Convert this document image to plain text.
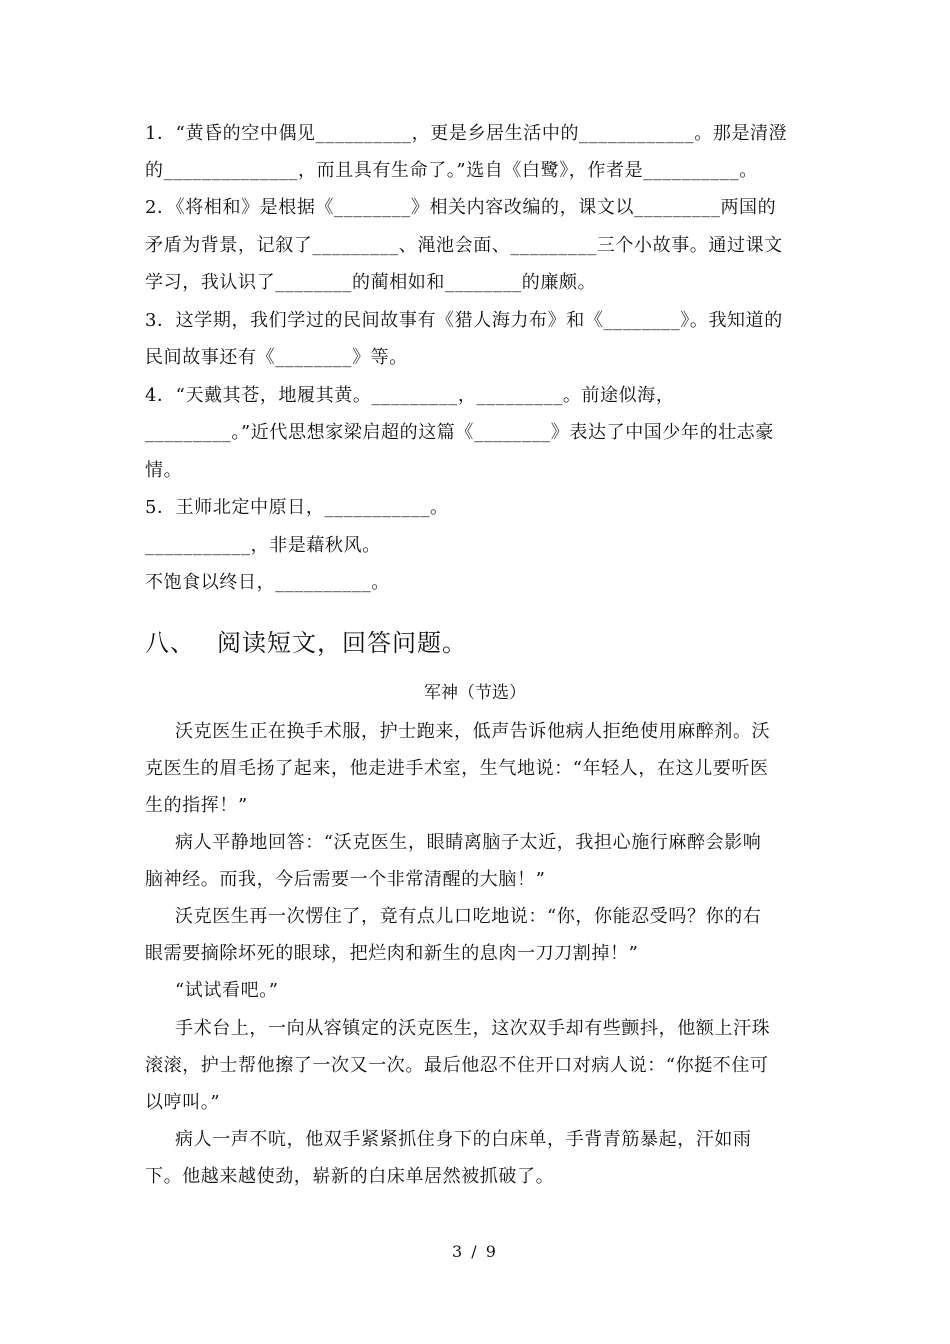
1．“黄昏的空中偶见__________，更是乡居生活中的____________。那是清澄
的______________，而且具有生命了。”选自《白鹭》，作者是__________。
2．《将相和》是根据《________》相关内容改编的，课文以_________两国的
矛盾为背景，记叙了_________、渑池会面、_________三个小故事。通过课文
学习，我认识了________的蔺相如和________的廉颇。
3．这学期，我们学过的民间故事有《猎人海力布》和《________》。我知道的
民间故事还有《________》等。
4．“天戴其苍，地履其黄。_________，_________。前途似海，
_________。”近代思想家梁启超的这篇《________》表达了中国少年的壮志豪
情。
5．王师北定中原日，___________。
___________，非是藉秋风。
不饱食以终日，__________。
八、 阅读短文，回答问题。
军神（节选）
沃克医生正在换手术服，护士跑来，低声告诉他病人拒绝使用麻醉剂。沃
克医生的眉毛扬了起来，他走进手术室，生气地说：“年轻人，在这儿要听医
生的指挥！”
病人平静地回答：“沃克医生，眼睛离脑子太近，我担心施行麻醉会影响
脑神经。而我，今后需要一个非常清醒的大脑！”
沃克医生再一次愣住了，竟有点儿口吃地说：“你，你能忍受吗？你的右
眼需要摘除坏死的眼球，把烂肉和新生的息肉一刀刀割掉！”
“试试看吧。”
手术台上，一向从容镇定的沃克医生，这次双手却有些颤抖，他额上汗珠
滚滚，护士帮他擦了一次又一次。最后他忍不住开口对病人说：“你挺不住可
以哼叫。”
病人一声不吭，他双手紧紧抓住身下的白床单，手背青筋暴起，汗如雨
下。他越来越使劲，崭新的白床单居然被抓破了。
3 / 9
